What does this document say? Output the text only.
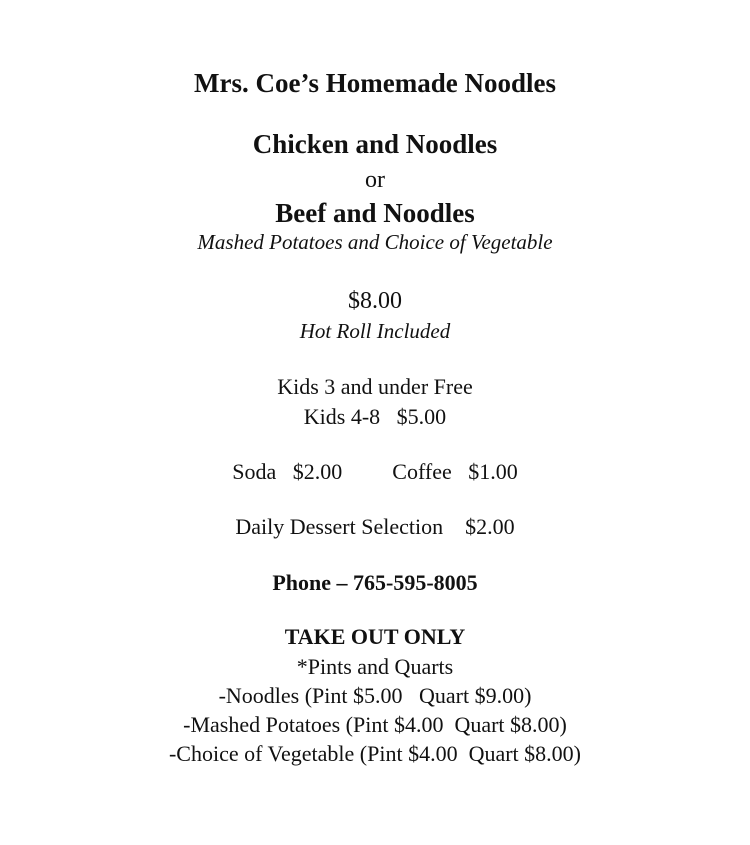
Mrs. Coe’s Homemade Noodles
Chicken and Noodles
or
Beef and Noodles
Mashed Potatoes and Choice of Vegetable
$8.00
Hot Roll Included
Kids 3 and under Free
Kids 4-8   $5.00
Soda   $2.00 Coffee   $1.00
Daily Dessert Selection    $2.00
Phone – 765-595-8005
TAKE OUT ONLY
*Pints and Quarts
-Noodles (Pint $5.00   Quart $9.00)
-Mashed Potatoes (Pint $4.00  Quart $8.00)
-Choice of Vegetable (Pint $4.00  Quart $8.00)
